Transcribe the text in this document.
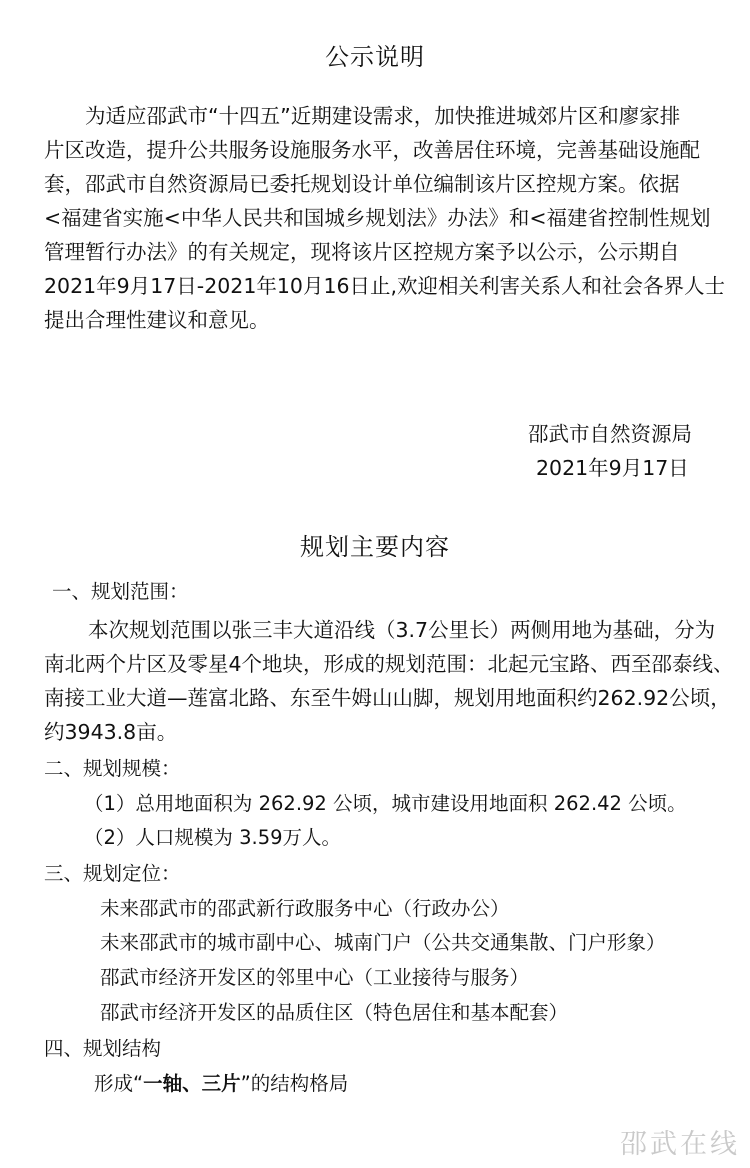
公示说明
为适应邵武市“十四五”近期建设需求，加快推进城郊片区和廖家排
片区改造，提升公共服务设施服务水平，改善居住环境，完善基础设施配
套，邵武市自然资源局已委托规划设计单位编制该片区控规方案。依据
<福建省实施<中华人民共和国城乡规划法》办法》和<福建省控制性规划
管理暂行办法》的有关规定，现将该片区控规方案予以公示，公示期自
2021年9月17日-2021年10月16日止,欢迎相关利害关系人和社会各界人士
提出合理性建议和意见。
邵武市自然资源局
2021年9月17日
规划主要内容
一、规划范围：
本次规划范围以张三丰大道沿线（3.7公里长）两侧用地为基础，分为
南北两个片区及零星4个地块，形成的规划范围：北起元宝路、西至邵泰线、
南接工业大道—莲富北路、东至牛姆山山脚，规划用地面积约262.92公顷，
约3943.8亩。
二、规划规模：
（1）总用地面积为 262.92 公顷，城市建设用地面积 262.42 公顷。
（2）人口规模为 3.59万人。
三、规划定位：
未来邵武市的邵武新行政服务中心（行政办公）
未来邵武市的城市副中心、城南门户（公共交通集散、门户形象）
邵武市经济开发区的邻里中心（工业接待与服务）
邵武市经济开发区的品质住区（特色居住和基本配套）
四、规划结构
形成“一轴、三片”的结构格局
邵武在线
